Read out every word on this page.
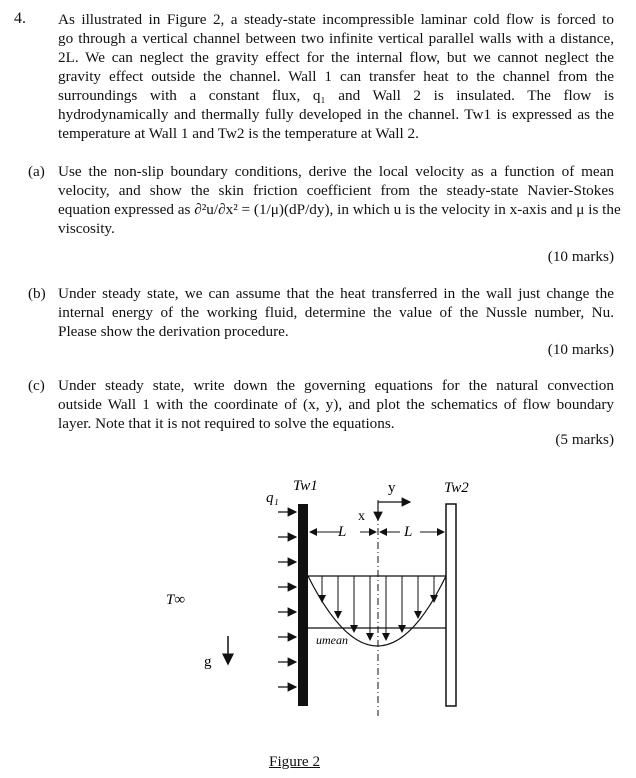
4. As illustrated in Figure 2, a steady-state incompressible laminar cold flow is forced to
go through a vertical channel between two infinite vertical parallel walls with a distance,
2L. We can neglect the gravity effect for the internal flow, but we cannot neglect the
gravity effect outside the channel. Wall 1 can transfer heat to the channel from the
surroundings with a constant flux, q₁ and Wall 2 is insulated. The flow is
hydrodynamically and thermally fully developed in the channel. Tw1 is expressed as the
temperature at Wall 1 and Tw2 is the temperature at Wall 2.
(a) Use the non-slip boundary conditions, derive the local velocity as a function of mean
velocity, and show the skin friction coefficient from the steady-state Navier-Stokes
equation expressed as ∂²u/∂x² = (1/μ)(dP/dy), in which u is the velocity in x-axis and μ is the
viscosity.
(10 marks)
(b) Under steady state, we can assume that the heat transferred in the wall just change the
internal energy of the working fluid, determine the value of the Nussle number, Nu.
Please show the derivation procedure.
(10 marks)
(c) Under steady state, write down the governing equations for the natural convection
outside Wall 1 with the coordinate of (x, y), and plot the schematics of flow boundary
layer. Note that it is not required to solve the equations.
(5 marks)
q₁
Tw1	Tw2
y
x
L	L
T∞
g
umean
Figure 2
